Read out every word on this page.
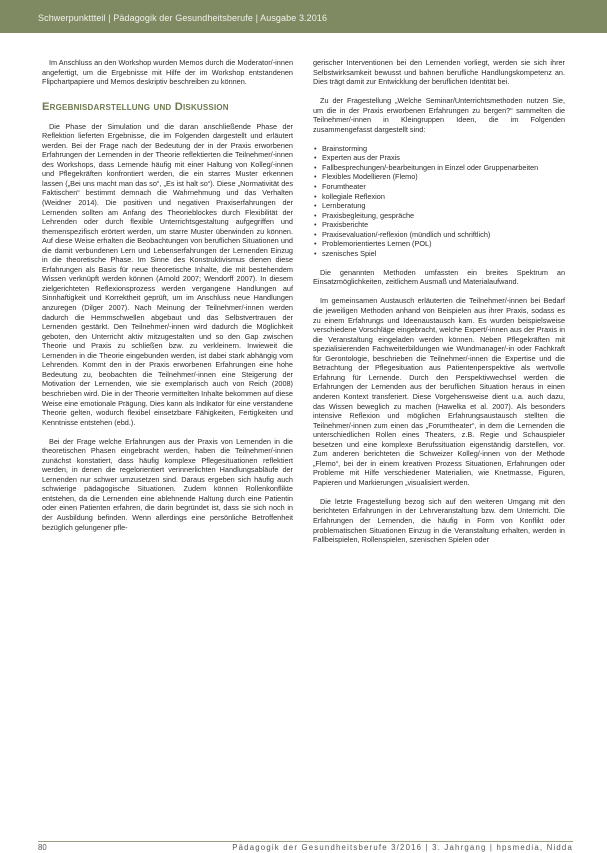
Schwerpunkttteil | Pädagogik der Gesundheitsberufe | Ausgabe 3.2016

Im Anschluss an den Workshop wurden Memos durch die Moderator/-innen angefertigt, um die Ergebnisse mit Hilfe der im Workshop entstandenen Flipchartpapiere und Memos deskriptiv beschreiben zu können.

Ergebnisdarstellung und Diskussion

Die Phase der Simulation und die daran anschließende Phase der Reflektion lieferten Ergebnisse, die im Folgenden dargestellt und erläutert werden. Bei der Frage nach der Bedeutung der in der Praxis erworbenen Erfahrungen der Lernenden in der Theorie reflektierten die Teilnehmer/-innen des Workshops, dass Lernende häufig mit einer Haltung von Kolleg/-innen und Pflegekräften konfrontiert werden, die ein starres Muster erkennen lassen („Bei uns macht man das so“, „Es ist halt so“). Diese „Normativität des Faktischen“ bestimmt demnach die Wahrnehmung und das Verhalten (Weidner 2014). Die positiven und negativen Praxiserfahrungen der Lernenden sollten am Anfang des Theorieblockes durch Flexibilität der Lehrenden oder durch flexible Unterrichtsgestaltung aufgegriffen und themenspezifisch erörtert werden, um starre Muster überwinden zu können. Auf diese Weise erhalten die Beobachtungen von beruflichen Situationen und die damit verbundenen Lern und Lebenserfahrungen der Lernenden Einzug in die theoretische Phase. Im Sinne des Konstruktivismus dienen diese Erfahrungen als Basis für neue theoretische Inhalte, die mit bestehendem Wissen verknüpft werden können (Arnold 2007; Wendorff 2007). In diesem zielgerichteten Reflexionsprozess werden vergangene Handlungen auf Sinnhaftigkeit und Korrektheit geprüft, um im Anschluss neue Handlungen anzuregen (Dilger 2007). Nach Meinung der Teilnehmer/-innen werden dadurch die Hemmschwellen abgebaut und das Selbstvertrauen der Lernenden gestärkt. Den Teilnehmer/-innen wird dadurch die Möglichkeit geboten, den Unterricht aktiv mitzugestalten und so den Gap zwischen Theorie und Praxis zu schließen bzw. zu verkleinern. Inwieweit die Lernenden in die Theorie eingebunden werden, ist dabei stark abhängig vom Lehrenden. Kommt den in der Praxis erworbenen Erfahrungen eine hohe Bedeutung zu, beobachten die Teilnehmer/-innen eine Steigerung der Motivation der Lernenden, wie sie exemplarisch auch von Reich (2008) beschrieben wird. Die in der Theorie vermittelten Inhalte bekommen auf diese Weise eine emotionale Prägung. Dies kann als Indikator für eine verstandene Theorie gelten, wodurch flexibel einsetzbare Fähigkeiten, Fertigkeiten und Kenntnisse entstehen (ebd.).

Bei der Frage welche Erfahrungen aus der Praxis von Lernenden in die theoretischen Phasen eingebracht werden, haben die Teilnehmer/-innen zunächst konstatiert, dass häufig komplexe Pflegesituationen reflektiert werden, in denen die regelorientiert verinnerlichten Handlungsabläufe der Lernenden nur schwer umzusetzen sind. Daraus ergeben sich häufig auch schwierige pädagogische Situationen. Zudem können Rollenkonflikte entstehen, da die Lernenden eine ablehnende Haltung durch eine Patientin oder einen Patienten erfahren, die darin begründet ist, dass sie sich noch in der Ausbildung befinden. Wenn allerdings eine persönliche Betroffenheit bezüglich gelungener pfle-

gerischer Interventionen bei den Lernenden vorliegt, werden sie sich ihrer Selbstwirksamkeit bewusst und bahnen berufliche Handlungskompetenz an. Dies trägt damit zur Entwicklung der beruflichen Identität bei.

Zu der Fragestellung „Welche Seminar/Unterrichtsmethoden nutzen Sie, um die in der Praxis erworbenen Erfahrungen zu bergen?“ sammelten die Teilnehmer/-innen in Kleingruppen Ideen, die im Folgenden zusammengefasst dargestellt sind:

• Brainstorming
• Experten aus der Praxis
• Fallbesprechungen/-bearbeitungen in Einzel oder Gruppenarbeiten
• Flexibles Modellieren (Flemo)
• Forumtheater
• kollegiale Reflexion
• Lernberatung
• Praxisbegleitung, gespräche
• Praxisberichte
• Praxisevaluation/-reflexion (mündlich und schriftlich)
• Problemorientiertes Lernen (POL)
• szenisches Spiel

Die genannten Methoden umfassten ein breites Spektrum an Einsatzmöglichkeiten, zeitlichem Ausmaß und Materialaufwand.

Im gemeinsamen Austausch erläuterten die Teilnehmer/-innen bei Bedarf die jeweiligen Methoden anhand von Beispielen aus ihrer Praxis, sodass es zu einem Erfahrungs und Ideenaustausch kam. Es wurden beispielsweise verschiedene Vorschläge eingebracht, welche Expert/-innen aus der Praxis in die Veranstaltung eingeladen werden können. Neben Pflegekräften mit spezialisierenden Fachweiterbildungen wie Wundmanager/-in oder Fachkraft für Gerontologie, beschrieben die Teilnehmer/-innen die Expertise und die Betrachtung der Pflegesituation aus Patientenperspektive als wertvolle Erfahrung für Lernende. Durch den Perspektivwechsel werden die Erfahrungen der Lernenden aus der beruflichen Situation heraus in einen anderen Kontext transferiert. Diese Vorgehensweise dient u.a. auch dazu, das Wissen beweglich zu machen (Hawelka et al. 2007). Als besonders intensive Reflexion und möglichen Erfahrungsaustausch stellten die Teilnehmer/-innen zum einen das „Forumtheater“, in dem die Lernenden die unterschiedlichen Rollen eines Theaters, z.B. Regie und Schauspieler besetzen und eine komplexe Berufssituation eigenständig darstellen, vor. Zum anderen berichteten die Schweizer Kolleg/-innen von der Methode „Flemo“, bei der in einem kreativen Prozess Situationen, Erfahrungen oder Probleme mit Hilfe verschiedener Materialien, wie Knetmasse, Figuren, Papieren und Markierungen „visualisiert werden.

Die letzte Fragestellung bezog sich auf den weiteren Umgang mit den berichteten Erfahrungen in der Lehrveranstaltung bzw. dem Unterricht. Die Erfahrungen der Lernenden, die häufig in Form von Konflikt oder problematischen Situationen Einzug in die Veranstaltung erhalten, werden in Fallbeispielen, Rollenspielen, szenischen Spielen oder

80	Pädagogik der Gesundheitsberufe 3/2016 | 3. Jahrgang | hpsmedia, Nidda
